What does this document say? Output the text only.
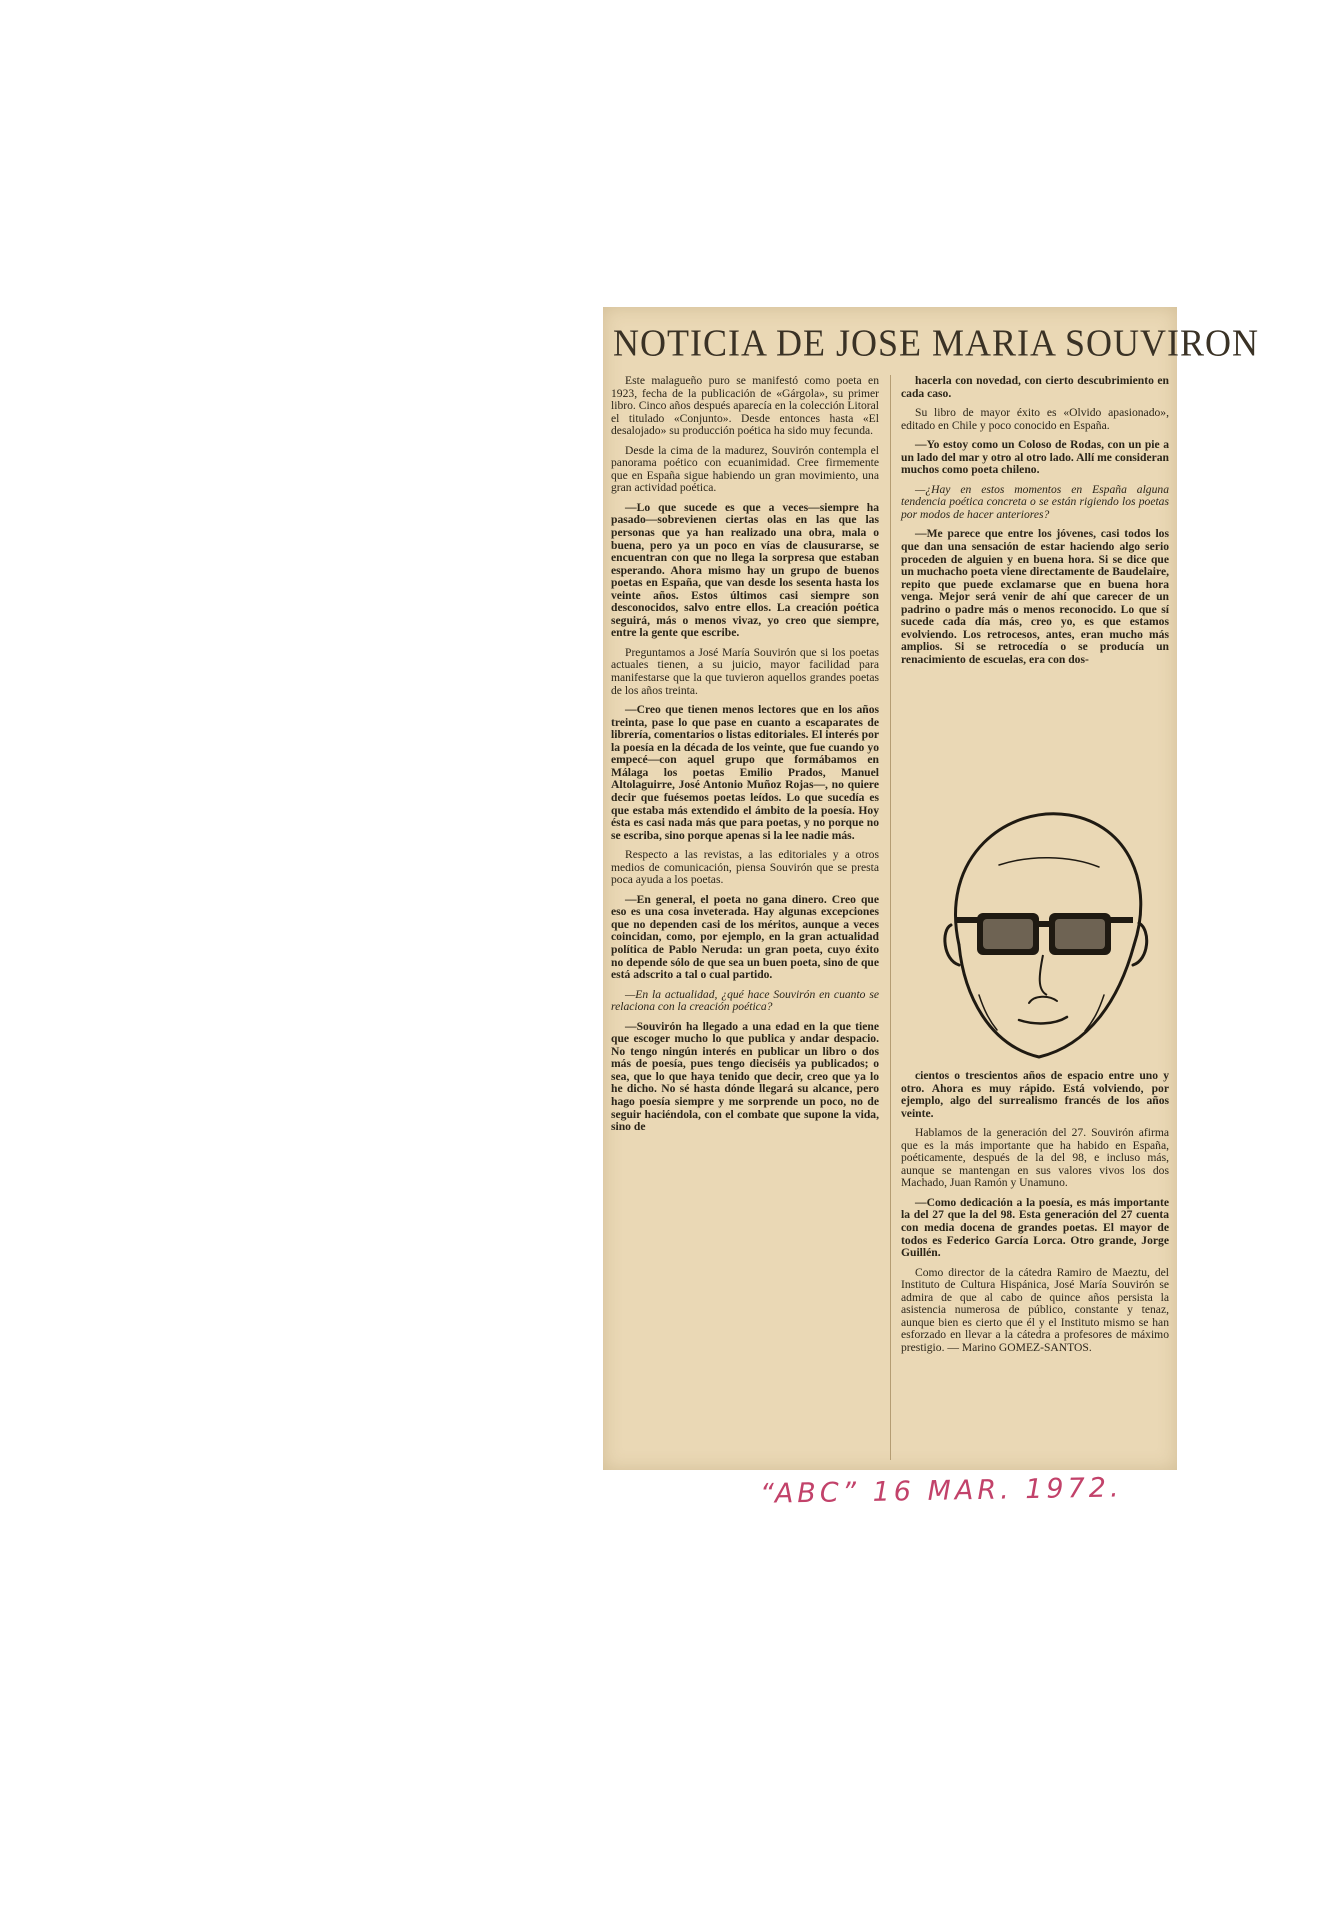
NOTICIA DE JOSE MARIA SOUVIRON

Este malagueño puro se manifestó como poeta en 1923, fecha de la publicación de «Gárgola», su primer libro. Cinco años después aparecía en la colección Litoral el titulado «Conjunto». Desde entonces hasta «El desalojado» su producción poética ha sido muy fecunda.

Desde la cima de la madurez, Souvirón contempla el panorama poético con ecuanimidad. Cree firmemente que en España sigue habiendo un gran movimiento, una gran actividad poética.

—Lo que sucede es que a veces—siempre ha pasado—sobrevienen ciertas olas en las que las personas que ya han realizado una obra, mala o buena, pero ya un poco en vías de clausurarse, se encuentran con que no llega la sorpresa que estaban esperando. Ahora mismo hay un grupo de buenos poetas en España, que van desde los sesenta hasta los veinte años. Estos últimos casi siempre son desconocidos, salvo entre ellos. La creación poética seguirá, más o menos vivaz, yo creo que siempre, entre la gente que escribe.

Preguntamos a José María Souvirón que si los poetas actuales tienen, a su juicio, mayor facilidad para manifestarse que la que tuvieron aquellos grandes poetas de los años treinta.

—Creo que tienen menos lectores que en los años treinta, pase lo que pase en cuanto a escaparates de librería, comentarios o listas editoriales. El interés por la poesía en la década de los veinte, que fue cuando yo empecé—con aquel grupo que formábamos en Málaga los poetas Emilio Prados, Manuel Altolaguirre, José Antonio Muñoz Rojas—, no quiere decir que fuésemos poetas leídos. Lo que sucedía es que estaba más extendido el ámbito de la poesía. Hoy ésta es casi nada más que para poetas, y no porque no se escriba, sino porque apenas si la lee nadie más.

Respecto a las revistas, a las editoriales y a otros medios de comunicación, piensa Souvirón que se presta poca ayuda a los poetas.

—En general, el poeta no gana dinero. Creo que eso es una cosa inveterada. Hay algunas excepciones que no dependen casi de los méritos, aunque a veces coincidan, como, por ejemplo, en la gran actualidad política de Pablo Neruda: un gran poeta, cuyo éxito no depende sólo de que sea un buen poeta, sino de que está adscrito a tal o cual partido.

—En la actualidad, ¿qué hace Souvirón en cuanto se relaciona con la creación poética?

—Souvirón ha llegado a una edad en la que tiene que escoger mucho lo que publica y andar despacio. No tengo ningún interés en publicar un libro o dos más de poesía, pues tengo dieciséis ya publicados; o sea, que lo que haya tenido que decir, creo que ya lo he dicho. No sé hasta dónde llegará su alcance, pero hago poesía siempre y me sorprende un poco, no de seguir haciéndola, con el combate que supone la vida, sino de

hacerla con novedad, con cierto descubrimiento en cada caso.

Su libro de mayor éxito es «Olvido apasionado», editado en Chile y poco conocido en España.

—Yo estoy como un Coloso de Rodas, con un pie a un lado del mar y otro al otro lado. Allí me consideran muchos como poeta chileno.

—¿Hay en estos momentos en España alguna tendencia poética concreta o se están rigiendo los poetas por modos de hacer anteriores?

—Me parece que entre los jóvenes, casi todos los que dan una sensación de estar haciendo algo serio proceden de alguien y en buena hora. Si se dice que un muchacho poeta viene directamente de Baudelaire, repito que puede exclamarse que en buena hora venga. Mejor será venir de ahí que carecer de un padrino o padre más o menos reconocido. Lo que sí sucede cada día más, creo yo, es que estamos evolviendo. Los retrocesos, antes, eran mucho más amplios. Si se retrocedía o se producía un renacimiento de escuelas, era con dos-

cientos o trescientos años de espacio entre uno y otro. Ahora es muy rápido. Está volviendo, por ejemplo, algo del surrealismo francés de los años veinte.

Hablamos de la generación del 27. Souvirón afirma que es la más importante que ha habido en España, poéticamente, después de la del 98, e incluso más, aunque se mantengan en sus valores vivos los dos Machado, Juan Ramón y Unamuno.

—Como dedicación a la poesía, es más importante la del 27 que la del 98. Esta generación del 27 cuenta con media docena de grandes poetas. El mayor de todos es Federico García Lorca. Otro grande, Jorge Guillén.

Como director de la cátedra Ramiro de Maeztu, del Instituto de Cultura Hispánica, José María Souvirón se admira de que al cabo de quince años persista la asistencia numerosa de público, constante y tenaz, aunque bien es cierto que él y el Instituto mismo se han esforzado en llevar a la cátedra a profesores de máximo prestigio. — Marino GOMEZ-SANTOS.

“ABC” 16 MAR. 1972.
